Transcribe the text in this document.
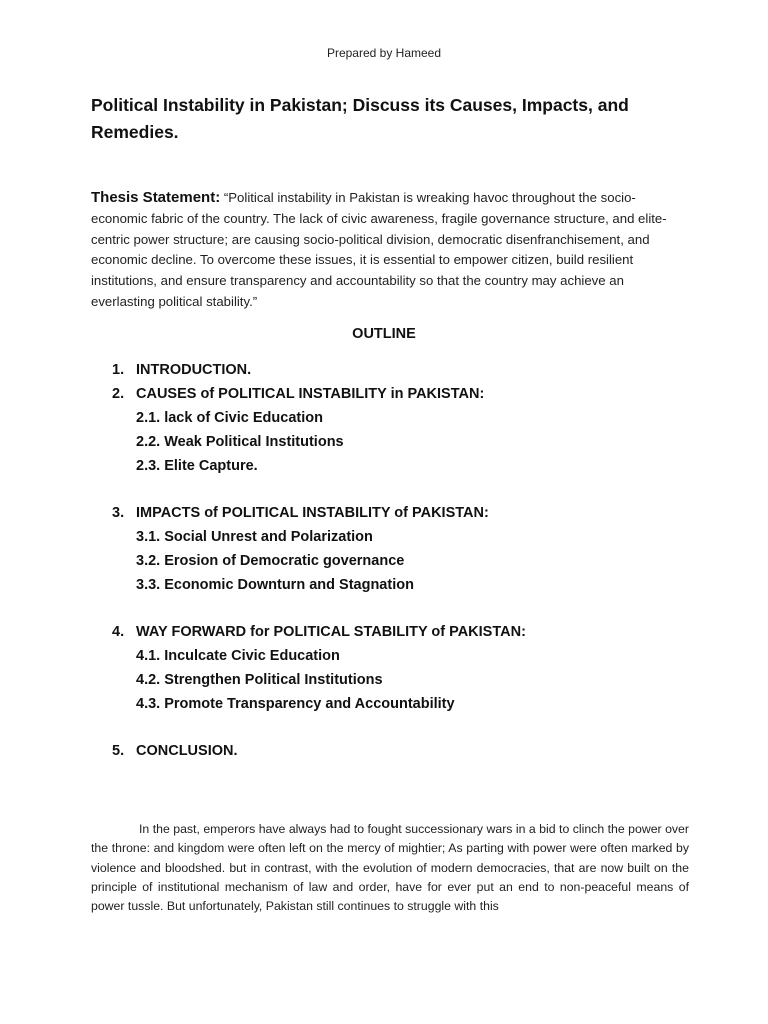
Prepared by Hameed
Political Instability in Pakistan; Discuss its Causes, Impacts, and Remedies.

Thesis Statement: “Political instability in Pakistan is wreaking havoc throughout the socio-economic fabric of the country. The lack of civic awareness, fragile governance structure, and elite-centric power structure; are causing socio-political division, democratic disenfranchisement, and economic decline. To overcome these issues, it is essential to empower citizen, build resilient institutions, and ensure transparency and accountability so that the country may achieve an everlasting political stability.”

OUTLINE
1. INTRODUCTION.
2. CAUSES of POLITICAL INSTABILITY in PAKISTAN:
2.1. lack of Civic Education
2.2. Weak Political Institutions
2.3. Elite Capture.
3. IMPACTS of POLITICAL INSTABILITY of PAKISTAN:
3.1. Social Unrest and Polarization
3.2. Erosion of Democratic governance
3.3. Economic Downturn and Stagnation
4. WAY FORWARD for POLITICAL STABILITY of PAKISTAN:
4.1. Inculcate Civic Education
4.2. Strengthen Political Institutions
4.3. Promote Transparency and Accountability
5. CONCLUSION.

In the past, emperors have always had to fought successionary wars in a bid to clinch the power over the throne: and kingdom were often left on the mercy of mightier; As parting with power were often marked by violence and bloodshed. but in contrast, with the evolution of modern democracies, that are now built on the principle of institutional mechanism of law and order, have for ever put an end to non-peaceful means of power tussle. But unfortunately, Pakistan still continues to struggle with this
